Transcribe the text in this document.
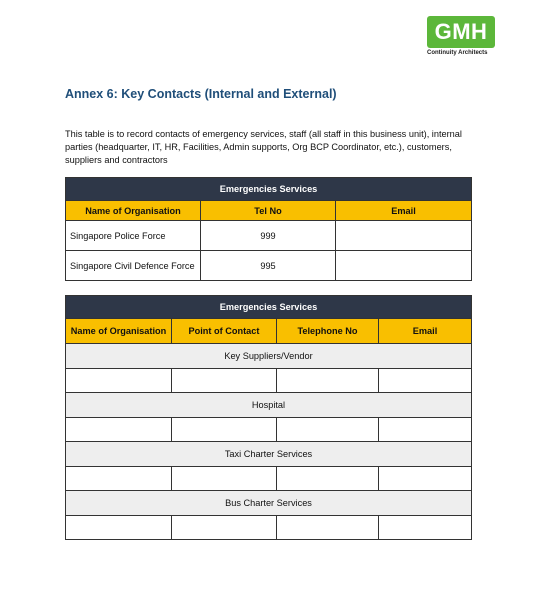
GMH
Continuity Architects
Annex 6: Key Contacts (Internal and External)
This table is to record contacts of emergency services, staff (all staff in this business unit), internal parties (headquarter, IT, HR, Facilities, Admin supports, Org BCP Coordinator, etc.), customers, suppliers and contractors
Emergencies Services		
Name of Organisation	Tel No	Email
Singapore Police Force	999	
Singapore Civil Defence Force	995	
Emergencies Services			
Name of Organisation	Point of Contact	Telephone No	Email
Key Suppliers/Vendor			

Hospital			

Taxi Charter Services			

Bus Charter Services			
